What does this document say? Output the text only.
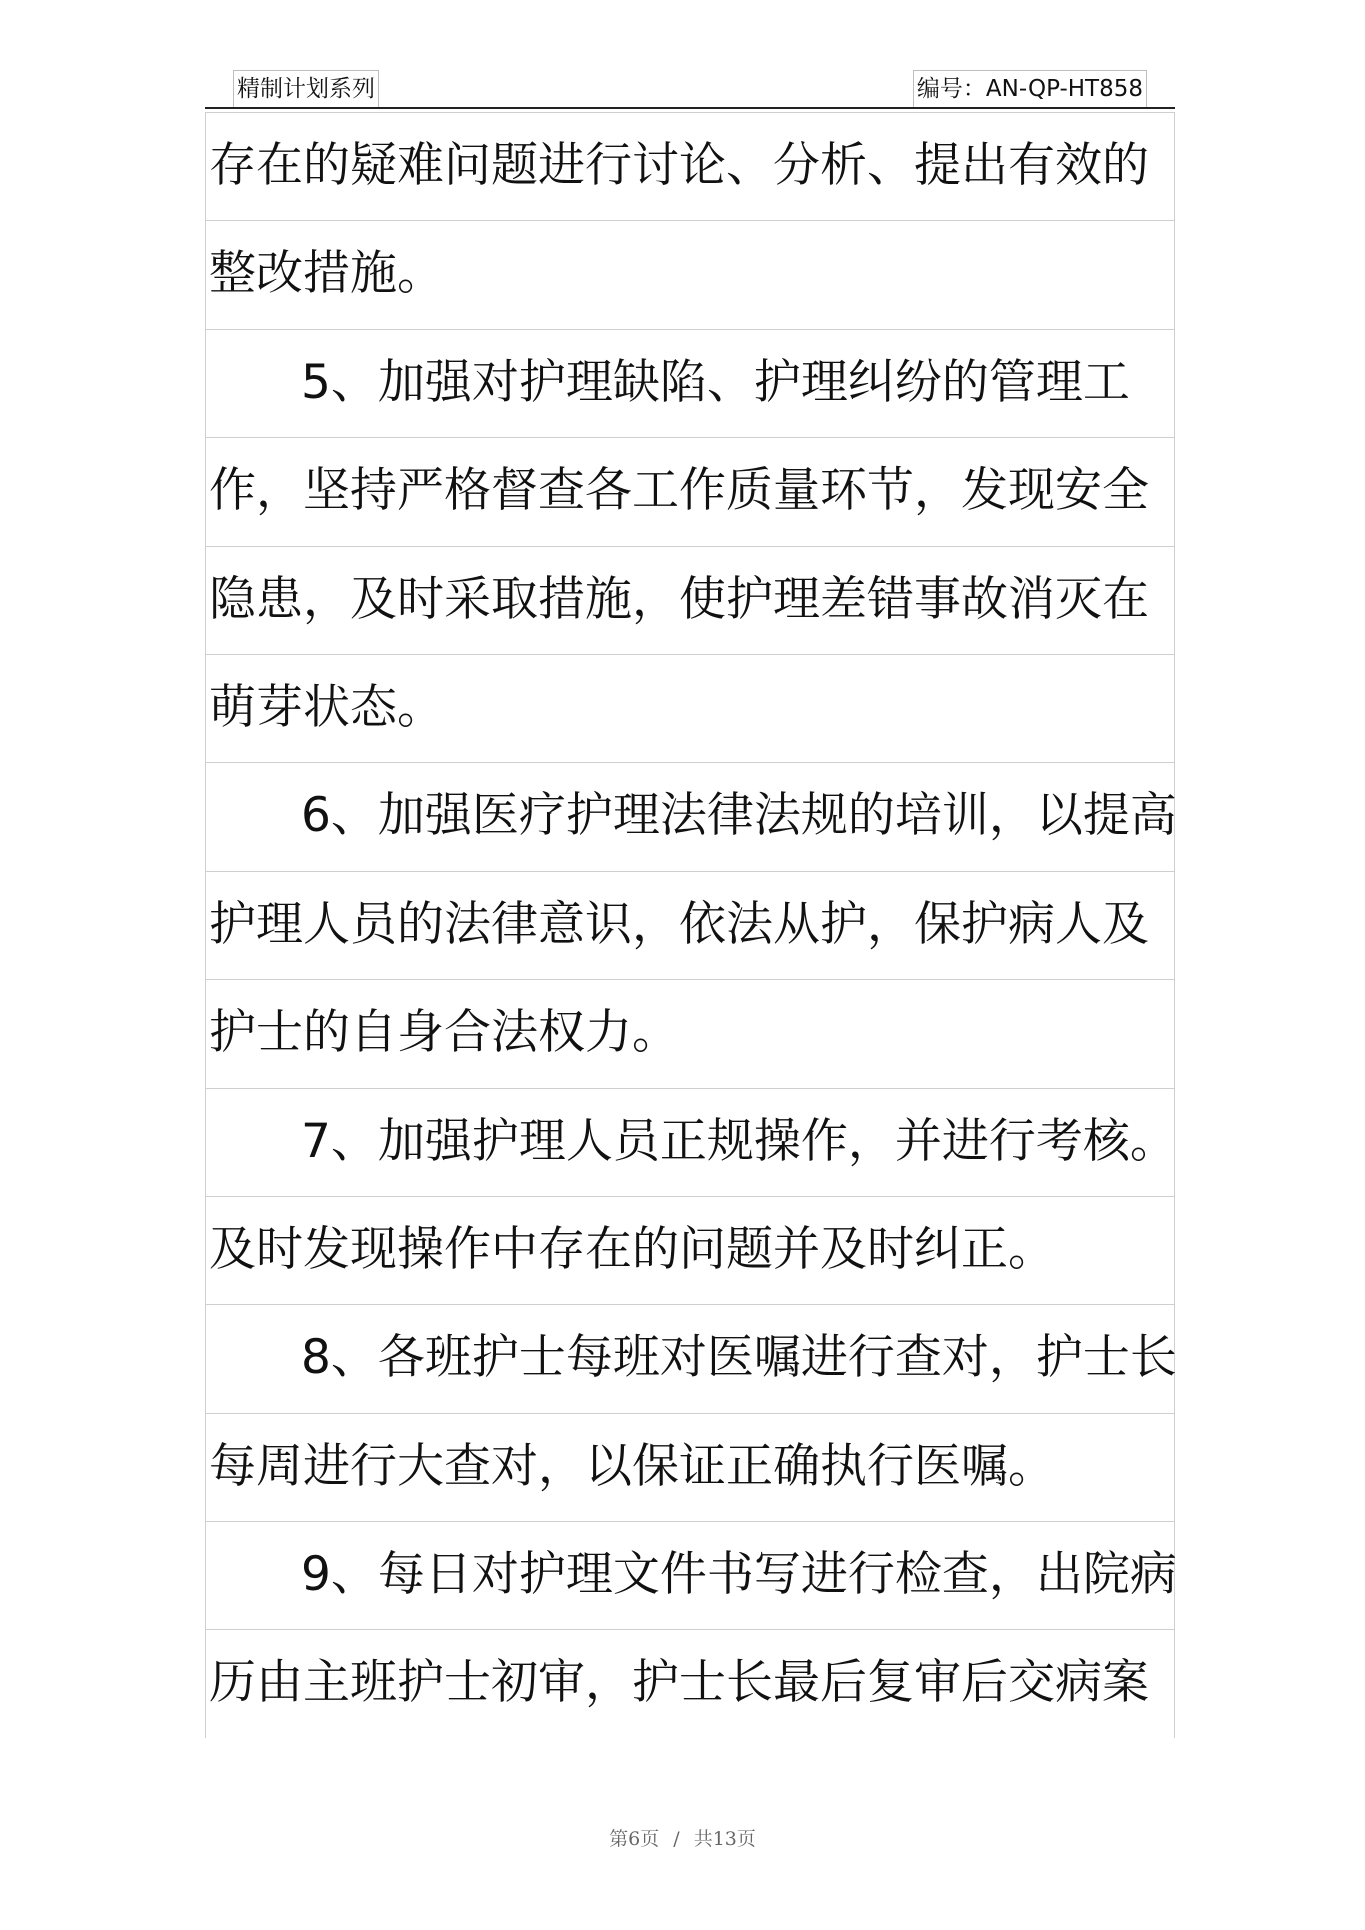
精制计划系列	编号：AN-QP-HT858
存在的疑难问题进行讨论、分析、提出有效的
整改措施。
5、加强对护理缺陷、护理纠纷的管理工
作，坚持严格督查各工作质量环节，发现安全
隐患，及时采取措施，使护理差错事故消灭在
萌芽状态。
6、加强医疗护理法律法规的培训，以提高
护理人员的法律意识，依法从护，保护病人及
护士的自身合法权力。
7、加强护理人员正规操作，并进行考核。
及时发现操作中存在的问题并及时纠正。
8、各班护士每班对医嘱进行查对，护士长
每周进行大查对，以保证正确执行医嘱。
9、每日对护理文件书写进行检查，出院病
历由主班护士初审，护士长最后复审后交病案
第6页 / 共13页
